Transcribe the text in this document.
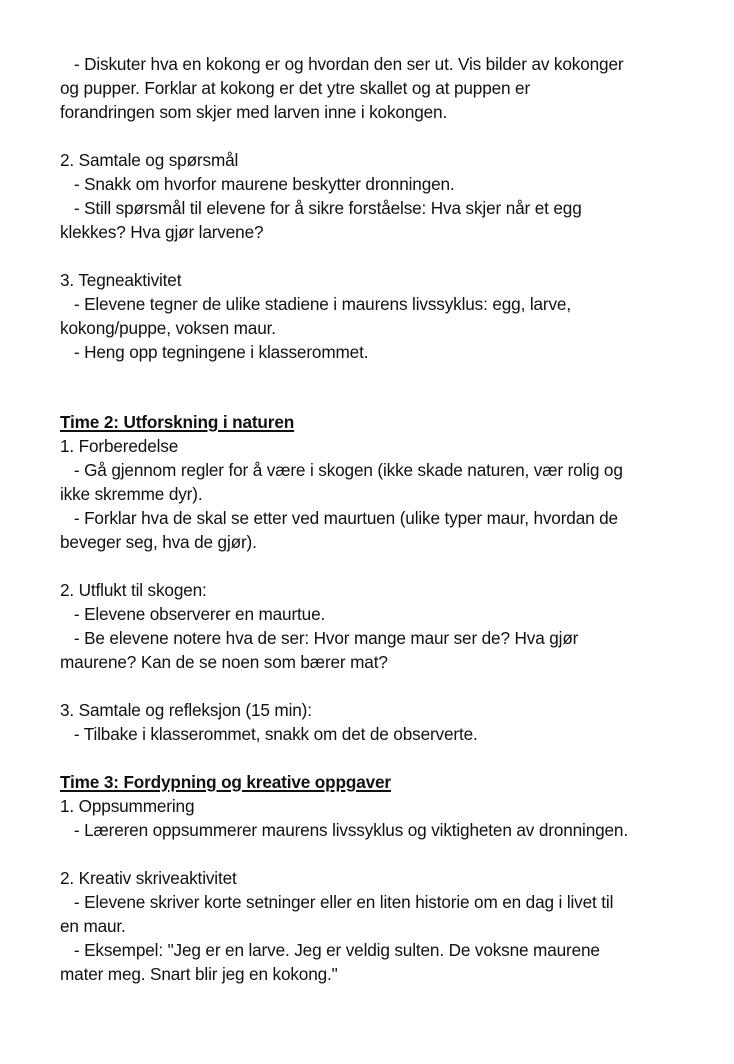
- Diskuter hva en kokong er og hvordan den ser ut. Vis bilder av kokonger
og pupper. Forklar at kokong er det ytre skallet og at puppen er
forandringen som skjer med larven inne i kokongen.
2. Samtale og spørsmål
- Snakk om hvorfor maurene beskytter dronningen.
- Still spørsmål til elevene for å sikre forståelse: Hva skjer når et egg
klekkes? Hva gjør larvene?
3. Tegneaktivitet
- Elevene tegner de ulike stadiene i maurens livssyklus: egg, larve,
kokong/puppe, voksen maur.
- Heng opp tegningene i klasserommet.
Time 2: Utforskning i naturen
1. Forberedelse
- Gå gjennom regler for å være i skogen (ikke skade naturen, vær rolig og
ikke skremme dyr).
- Forklar hva de skal se etter ved maurtuen (ulike typer maur, hvordan de
beveger seg, hva de gjør).
2. Utflukt til skogen:
- Elevene observerer en maurtue.
- Be elevene notere hva de ser: Hvor mange maur ser de? Hva gjør
maurene? Kan de se noen som bærer mat?
3. Samtale og refleksjon (15 min):
- Tilbake i klasserommet, snakk om det de observerte.
Time 3: Fordypning og kreative oppgaver
1. Oppsummering
- Læreren oppsummerer maurens livssyklus og viktigheten av dronningen.
2. Kreativ skriveaktivitet
- Elevene skriver korte setninger eller en liten historie om en dag i livet til
en maur.
- Eksempel: "Jeg er en larve. Jeg er veldig sulten. De voksne maurene
mater meg. Snart blir jeg en kokong."
